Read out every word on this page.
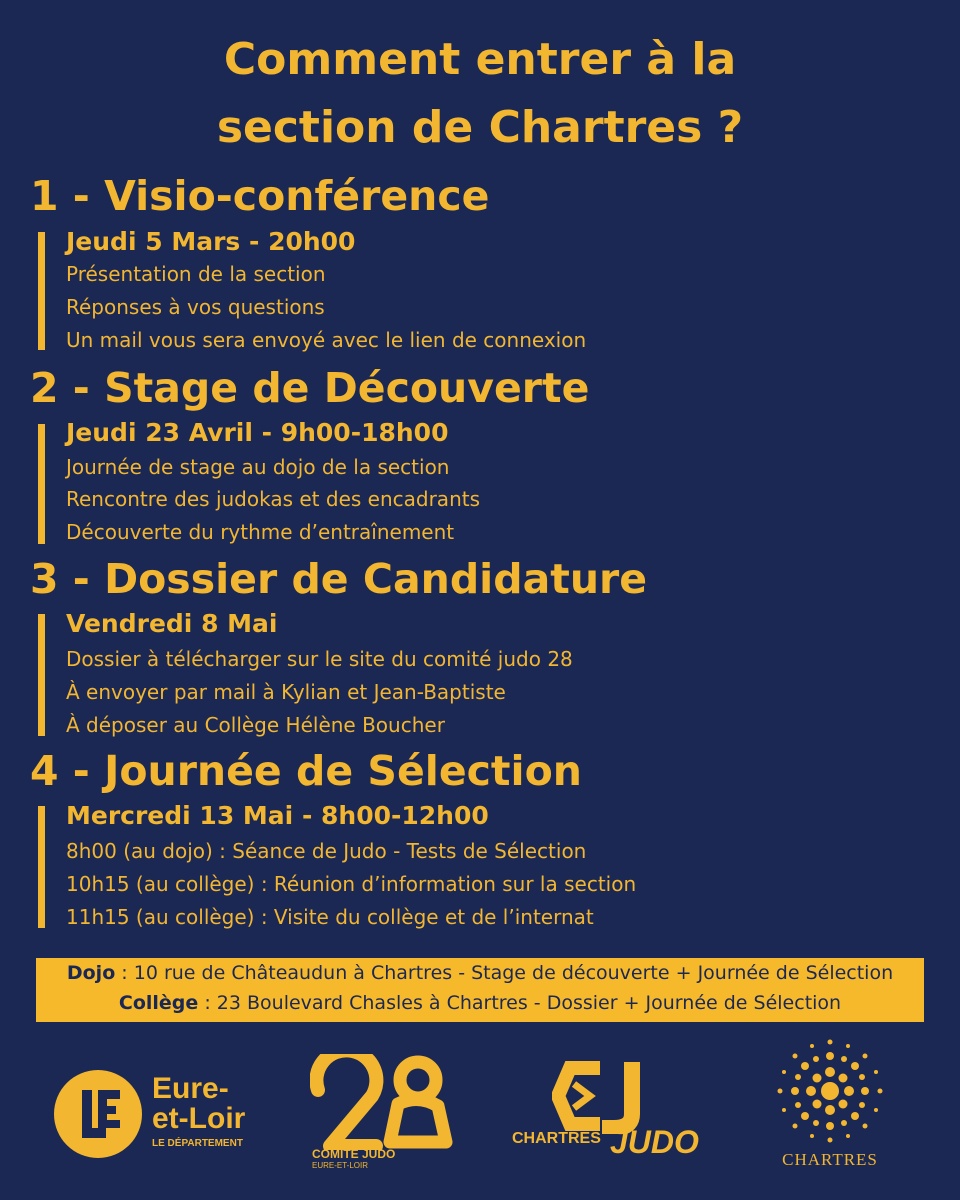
Comment entrer à la
section de Chartres ?
1 - Visio-conférence
Jeudi 5 Mars - 20h00
Présentation de la section
Réponses à vos questions
Un mail vous sera envoyé avec le lien de connexion
2 - Stage de Découverte
Jeudi 23 Avril - 9h00-18h00
Journée de stage au dojo de la section
Rencontre des judokas et des encadrants
Découverte du rythme d’entraînement
3 - Dossier de Candidature
Vendredi 8 Mai
Dossier à télécharger sur le site du comité judo 28
À envoyer par mail à Kylian et Jean-Baptiste
À déposer au Collège Hélène Boucher
4 - Journée de Sélection
Mercredi 13 Mai - 8h00-12h00
8h00 (au dojo) : Séance de Judo - Tests de Sélection
10h15 (au collège) : Réunion d’information sur la section
11h15 (au collège) : Visite du collège et de l’internat
Dojo : 10 rue de Châteaudun à Chartres - Stage de découverte + Journée de Sélection
Collège : 23 Boulevard Chasles à Chartres - Dossier + Journée de Sélection
Eure-
et-Loir
LE DÉPARTEMENT
COMITE JUDO
EURE-ET-LOIR
CHARTRES JUDO	CHARTRES
